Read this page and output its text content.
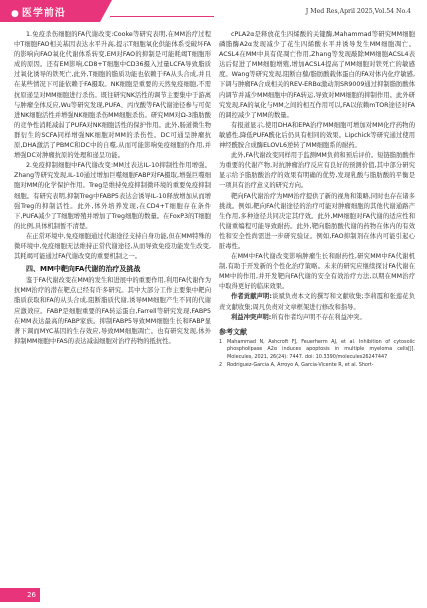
● 医学前沿	J Med Res,April 2025,Vol.54 No.4

1.免疫杀伤细胞的FA代谢改变:Cooke等研究表明,在MM治疗过程中T细胞FAO相关基因表达水平升高,提示T细胞氧化供能体系受破坏FA的影响向FAO氧化代谢体系转变,EM对FAO的抑制是可能耗竭T细胞形成的原因。还有EM影响,CD8+T细胞中CD36摄入过量LCFA导致脂质过氧化诱导的铁死亡,此外,T细胞的脂质功能也依赖于FA从头合成,并且在某些情况下可能依赖于FA摄取。NK细胞是重要的天然免疫细胞,不需抗原递呈对MM细胞进行杀伤。既往研究NK活性的调节主要集中于游离与肿瘤全体反应,Wu等研究发现,PUFA、丙戊酸等FA代谢途径参与可促进NK细胞活性并增强NK细胞杀伤MM细胞杀伤。研究MM对Ω-3脂肪酸的竞争性消耗减弱了PUFA对NK细胞活性的保护作用。此外,肠道微生物群衍生的SCFA同样增强NK细胞对MM的杀伤性。DC可通呈肿瘤抗原,DHA激活了PBMC和DC中的自噬,从而可能影响免疫细胞的作用,并增强DC对肿瘤抗原的处理和递呈功能。

2.免疫抑制细胞中FA代谢改变:MM过表达IL-10抑制性作用增强。Zhang等研究发现,IL-10通过增加巨噬细胞FABP对FA摄取,增强巨噬细胞对MM的化学保护作用。Treg是维持免疫抑制微环境的重要免疫抑制细胞。有研究表明,抑制Treg中FABP5表达会诱导IL-10释放增加从而增强Treg的抑制活性。此外,体外培养发现,在CD4+T细胞存在条件下,PUFA减少了T细胞增殖并增加了Treg细胞的数量。在FoxP3的T细胞的比例,具体机制暂不清楚。

在正常环境中,免疫细胞通过代谢途径支持自身功能,但在MM特殊的微环境中,免疫细胞无法维持正常代谢途径,从而导致免疫功能发生改变,其耗竭可能通过FA代谢改变的重要机制之一。

四、MM中靶向FA代谢的治疗及挑战

鉴于FA代谢改变在MM的发生和进展中的重要作用,利用FA代谢作为抗MM治疗的潜在靶点已经有许多研究。其中大部分工作主要集中靶向脂质获取和FA的从头合成,阻断脂质代谢,诱导MM细胞产生不同的代谢应激效应。FABP是细胞重要的FA转运蛋白,Farrell等研究发现,FABP5在MM表达最高的FABP家族。抑制FABP5导致MM细胞生长和FABP显著下调而MYC基因的生存效应,导致MM细胞凋亡。也有研究发现,体外抑制MM细胞中FAS的表达减弱细胞对治疗药物的抵抗性。

cPLA2α是释放花生四烯酸的关键酶,Mahammad等研究MM细胞磷脂酶A2α发现减少了花生四烯酸水平并诱导发生MM细胞凋亡。ACSL4在MM中具有促凋亡作用,Zhang等发现敲除MM细胞ACSL4表达后促进了MM细胞增殖,增加ACSL4提高了MM细胞对铁死亡的敏感度。Wang等研究发现,阻断白藜/脂肪酸载体蛋白的FA对体内化疗敏感,下调与肿瘤FA合成相关的REV-ERBα激动剂SR9009通过抑制脂肪酸体内调节并减少MM细胞中的FA转运,导致对MM细胞的抑制作用。此外研究发现,FA的氧化与MM之间的相互作用可以,FA以依赖mTOR途径对FA的调控减少了MM的数量。

有报道显示,使用DHA和EPA治疗MM细胞可增加对MM化疗药物的敏感性,降低PUFA酰化后仍具有相同的效果。Lipchick等研究通过使用神经酰胺合成酶ELOVL6逆转了MM细胞系的耐药。

此外,FA代谢改变同样用于监测MM负荷和预后评价。短链脂肪酸作为重要的代谢产物,对抗肿瘤治疗反应有良好的预测价值,其中部分研究显示给予脂肪酸治疗的效果有明确的优势,发现乳酸与脂肪酸的平衡是一项具有治疗意义的研究方向。

靶向FA代谢治疗为MM治疗提供了新的视角和策略,同时也存在诸多挑战。例如,靶向FA代谢途径的治疗可能对肿瘤细胞的其他代谢通路产生作用,多种途径共同决定其疗效。此外,MM细胞对FA代谢的适应性和代谢重编程可能导致耐药。此外,靶向脂肪酸代谢的药物在体内的有效性和安全性尚需进一步研究验证。例如,FAO抑制剂在体内可能引起心脏毒性。

在MM中FA代谢改变影响肿瘤生长和耐药性,研究MM中FA代谢机制,有助于开发新的个性化治疗策略。未来的研究应继续探讨FA代谢在MM中的作用,并开发靶向FA代谢的安全有效治疗方法,以期在MM治疗中取得更好的临床效果。

作者贡献声明:谈斌负责本文的撰写和文献收集;李莉霞和张莲花负责文献收集;周凡负责对文章框架进行修改和指导。

利益冲突声明:所有作者均声明不存在利益冲突。

参考文献
1 Mahammad N, Ashcroft FJ, Feuerherm AJ, et al. Inhibition of cytosolic phospholipase A2α induces apoptosis in multiple myeloma cells[J]. Molecules, 2021, 26(24): 7447. doi: 10.3390/molecules26247447
2 Rodriguez-Garcia A, Arroyo A, Garcia-Vicente R, et al. Short-
26
